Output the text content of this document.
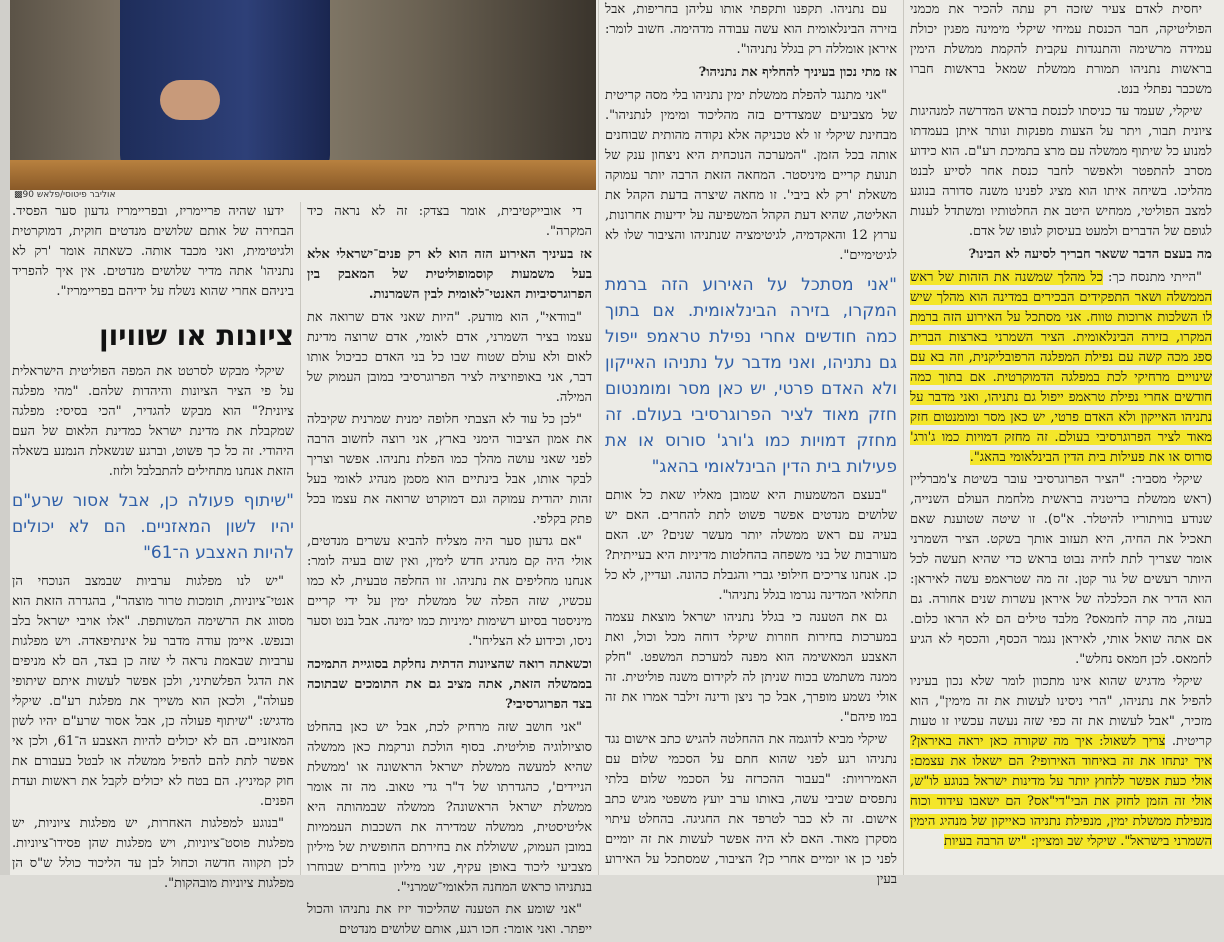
יחסית לאדם צעיר שזכה רק עתה להכיר את מכמני הפוליטיקה, חבר הכנסת עמיחי שיקלי מימינה מפגין יכולת עמידה מרשימה והתנגדות עקבית להקמת ממשלת הימין בראשות נתניהו תמורת ממשלת שמאל בראשות חברו משכבר נפתלי בנט.

שיקלי, שעמד עד כניסתו לכנסת בראש המדרשה למנהיגות ציונית תבור, ויתר על הצעות מפנקות ונותר איתן בעמדתו למנוע כל שיתוף ממשלה עם מרצ בתמיכת רע"ם. הוא כידוע מסרב להתפטר ולאפשר לחבר כנסת אחר לסייע לבנט מהליכו. בשיחה איתו הוא מציג לפנינו משנה סדורה בנוגע למצב הפוליטי, ממחיש היטב את החלטותיו ומשתדל לענות לגופם של הדברים ולמעט בעיסוק לגופו של אדם.

מה בעצם הדבר ששאר חבריך לסיעה לא הבינו?

"הייתי מתנסח כך: כל מהלך שמשנה את הזהות של ראש הממשלה ושאר התפקידים הבכירים במדינה הוא מהלך שיש לו השלכות ארוכות טווח. אני מסתכל על האירוע הזה ברמת המקרו, בזירה הבינלאומית. הציר השמרני בארצות הברית ספג מכה קשה עם נפילת המפלגה הרפובליקנית, וזה בא עם שינויים מרחיקי לכת במפלגה הדמוקרטית. אם בתוך כמה חודשים אחרי נפילת טראמפ ייפול גם נתניהו, ואני מדבר על נתניהו האייקון ולא האדם פרטי, יש כאן מסר ומומנטום חזק מאוד לציר הפרוגרסיבי בעולם. זה מחזק דמויות כמו ג'ורג' סורוס או את פעילות בית הדין הבינלאומי בהאג".

שיקלי מסביר: "הציר הפרוגרסיבי עובר בשיטת צ'מברליין (ראש ממשלת בריטניה בראשית מלחמת העולם השנייה, שנודע בוויתוריו להיטלר. א"ס). זו שיטה שטוענת שאם תאכיל את החיה, היא תעזוב אותך בשקט. הציר השמרני אומר שצריך לתת לחיה נבוט בראש כדי שהיא תעשה לכל היותר רעשים של גור קטן. זה מה שטראמפ עשה לאיראן: הוא הדיר את הכלכלה של איראן עשרות שנים אחורה. גם בעזה, מה קרה לחמאס? מלבד טילים הם לא הראו כלום. אם אתה שואל אותי, לאיראן נגמר הכסף, והכסף לא הגיע לחמאס. לכן חמאס נחלש".

שיקלי מדגיש שהוא אינו מתכוון לומר שלא נכון בעיניו להפיל את נתניהו, "הרי ניסינו לעשות את זה מימין", הוא מזכיר, "אבל לעשות את זה כפי שזה נעשה עכשיו זו טעות קריטית. צריך לשאול: איך מה שקורה כאן יראה באיראן? איך ינתחו את זה באיחוד האירופי? הם ישאלו את עצמם: אולי כעת אפשר ללחוץ יותר על מדינות ישראל בנוגע לו"ש, אולי זה הזמן לחזק את הבי"די"אס? הם ישאבו עידוד וכוח מנפילת ממשלת ימין, מנפילת נתניהו כאייקון של מנהיג הימין השמרני בישראל". שיקלי שב ומציין: "יש הרבה בעיות

עם נתניהו. תקפנו ותקפתי אותו עליהן בחריפות, אבל בזירה הבינלאומית הוא עשה עבודה מדהימה. חשוב לומר: איראן אומללה רק בגלל נתניהו".

אז מתי נכון בעיניך להחליף את נתניהו?

"אני מתנגד להפלת ממשלת ימין נתניהו בלי מסה קריטית של מצביעים שמצדדים בזה מהליכוד ומימין לנתניהו". מבחינת שיקלי זו לא טכניקה אלא נקודה מהותית שבוחנים אותה בכל הזמן. "המערכה הנוכחית היא ניצחון ענק של תנועת קריים מיניסטר. המחאה הזאת הרבה יותר עמוקה משאלת 'רק לא ביבי'. זו מחאה שיצרה בדעת הקהל את האליטה, שהיא דעת הקהל המשפיעה על ידיעות אחרונות, ערוץ 12 והאקדמיה, לגיטימציה שנתניהו והציבור שלו לא לגיטימיים".

"אני מסתכל על האירוע הזה ברמת המקרו, בזירה הבינלאומית. אם בתוך כמה חודשים אחרי נפילת טראמפ ייפול גם נתניהו, ואני מדבר על נתניהו האייקון ולא האדם פרטי, יש כאן מסר ומומנטום חזק מאוד לציר הפרוגרסיבי בעולם. זה מחזק דמויות כמו ג'ורג' סורוס או את פעילות בית הדין הבינלאומי בהאג"

"בעצם המשמעות היא שמובן מאליו שאת כל אותם שלושים מנדטים אפשר פשוט לתת להחרים. האם יש בעיה עם ראש ממשלה יותר מעשר שנים? יש. האם מעורבות של בני משפחה בהחלטות מדיניות היא בעייתית? כן. אנחנו צריכים חילופי גברי והגבלת כהונה. ועדיין, לא כל תחלואי המדינה נגרמו בגלל נתניהו".

גם את הטענה כי בגלל נתניהו ישראל מוצאת עצמה במערכות בחירות חוזרות שיקלי דוחה מכל וכול, ואת האצבע המאשימה הוא מפנה למערכת המשפט. "חלק ממנה משתמש בכוח שניתן לה לקידום משנה פוליטית. זה אולי נשמע מופרך, אבל כך ניצן ודינה זילבר אמרו את זה במו פיהם".

שיקלי מביא לדוגמה את ההחלטה להגיש כתב אישום נגד נתניהו רגע לפני שהוא חתם על הסכמי שלום עם האמירויות: "בעבור ההכרזה על הסכמי שלום בלתי נתפסים שביבי עשה, באותו ערב יועץ משפטי מגיש כתב אישום. זה לא כבר לטרפד את החגיגה. בהחלט עיתוי מסקרן מאוד. האם לא היה אפשר לעשות את זה יומיים לפני כן או יומיים אחרי כן? הציבור, שמסתכל על האירוע בעין

▩אוליבר פיטוסי/פלאש 90

די אובייקטיבית, אומר בצדק: זה לא נראה כיד המקרה".

אז בעיניך האירוע הזה הוא לא רק פנים־ישראלי אלא בעל משמעות קוסמופוליטית של המאבק בין הפרוגרסיביות האנטי־לאומית לבין השמרנות.

"בוודאי", הוא מודעק. "היות שאני אדם שרואה את עצמו בציר השמרני, אדם לאומי, אדם שרוצה מדינת לאום ולא עולם שטוח שבו כל בני האדם כביכול אותו דבר, אני באופוזיציה לציר הפרוגרסיבי במובן העמוק של המילה.

"לכן כל עוד לא הצבתי חלופה ימנית שמרנית שקיבלה את אמון הציבור הימני בארץ, אני רוצה לחשוב הרבה לפני שאני עושה מהלך כמו הפלת נתניהו. אפשר וצריך לבקר אותו, אבל בינתיים הוא מסמן מנהיג לאומי בעל זהות יהודית עמוקה וגם דמוקרט שרואה את עצמו בכל פתק בקלפי.

"אם גדעון סער היה מצליח להביא עשרים מנדטים, אולי היה קם מנהיג חדש לימין, ואין שום בעיה לומר: אנחנו מחליפים את נתניהו. זוו החלפה טבעית, לא כמו עכשיו, שזה הפלה של ממשלת ימין על ידי קריים מיניסטר בסיוע רשימות ימיניות כמו ימינה. אבל בנט וסער ניסו, וכידוע לא הצליחו".

וכשאתה רואה שהציונות הדתית נחלקת בסוגיית התמיכה בממשלה הזאת, אתה מציב גם את התומכים שבתוכה בצד הפרוגרסיבי?

"אני חושב שזה מרחיק לכת, אבל יש כאן בהחלט סוציולוגיה פוליטית. בסוף הולכת ונרקמת כאן ממשלה שהיא למעשה ממשלת ישראל הראשונה או 'ממשלת הניידים', כהגדרתו של ד"ר גדי טאוב. מה זה אומר ממשלת ישראל הראשונה? ממשלה שבמהותה היא אליטיסטית, ממשלה שמדירה את השכבות העממיות במובן העמוק, ששוללת את בחירתם החופשית של מיליון מצביעי ליכוד באופן עקיף, שני מיליון בוחרים שבוחרו בנתניהו כראש המחנה הלאומי־שמרני".

"אני שומע את הטענה שהליכוד יזיז את נתניהו והכול ייפתר. ואני אומר: חכו רגע, אותם שלושים מנדטים

ידעו שהיה פריימריז, ובפריימריז גדעון סער הפסיד. הבחירה של אותם שלושים מנדטים חוקית, דמוקרטית ולגיטימית, ואני מכבד אותה. כשאתה אומר 'רק לא נתניהו' אתה מדיר שלושים מנדטים. אין איך להפריד ביניהם אחרי שהוא נשלח על ידיהם בפריימריז".

ציונות או שוויון

שיקלי מבקש לסרטט את המפה הפוליטית הישראלית על פי הציר הציונות והיהדות שלהם. "מהי מפלגה ציונית?" הוא מבקש להגדיר, "הכי בסיסי: מפלגה שמקבלת את מדינת ישראל כמדינת הלאום של העם היהודי. זה כל כך פשוט, וברגע שנשאלת הנמנע בשאלה הזאת אנחנו מתחילים להתבלבל ולזוז.

"שיתוף פעולה כן, אבל אסור שרע"ם יהיו לשון המאזניים. הם לא יכולים להיות האצבע ה־61"

"יש לנו מפלגות ערביות שבמצב הנוכחי הן אנטי־ציוניות, תומכות טרור מוצהר", בהגדרה הזאת הוא מסווג את הרשימה המשותפת. "אלו אויבי ישראל בלב ובנפש. איימן עודה מדבר על אינתיפאדה. ויש מפלגות ערביות שבאמת נראה לי שזה כן בצד, הם לא מניפים את הדגל הפלשתיני, ולכן אפשר לעשות איתם שיתופי פעולה", ולכאן הוא משייך את מפלגת רע"ם. שיקלי מדגיש: "שיתוף פעולה כן, אבל אסור שרע"ם יהיו לשון המאזניים. הם לא יכולים להיות האצבע ה־61, ולכן אי אפשר לתת להם להפיל ממשלה או לבטל בעבורם את חוק קמיניץ. הם בטח לא יכולים לקבל את ראשות ועדת הפנים.

"בנוגע למפלגות האחרות, יש מפלגות ציוניות, יש מפלגות פוסט־ציוניות, ויש מפלגות שהן פסידו־ציוניות. לכן תקווה חדשה וכחול לבן עד הליכוד כולל ש"ס הן מפלגות ציוניות מובהקות".
